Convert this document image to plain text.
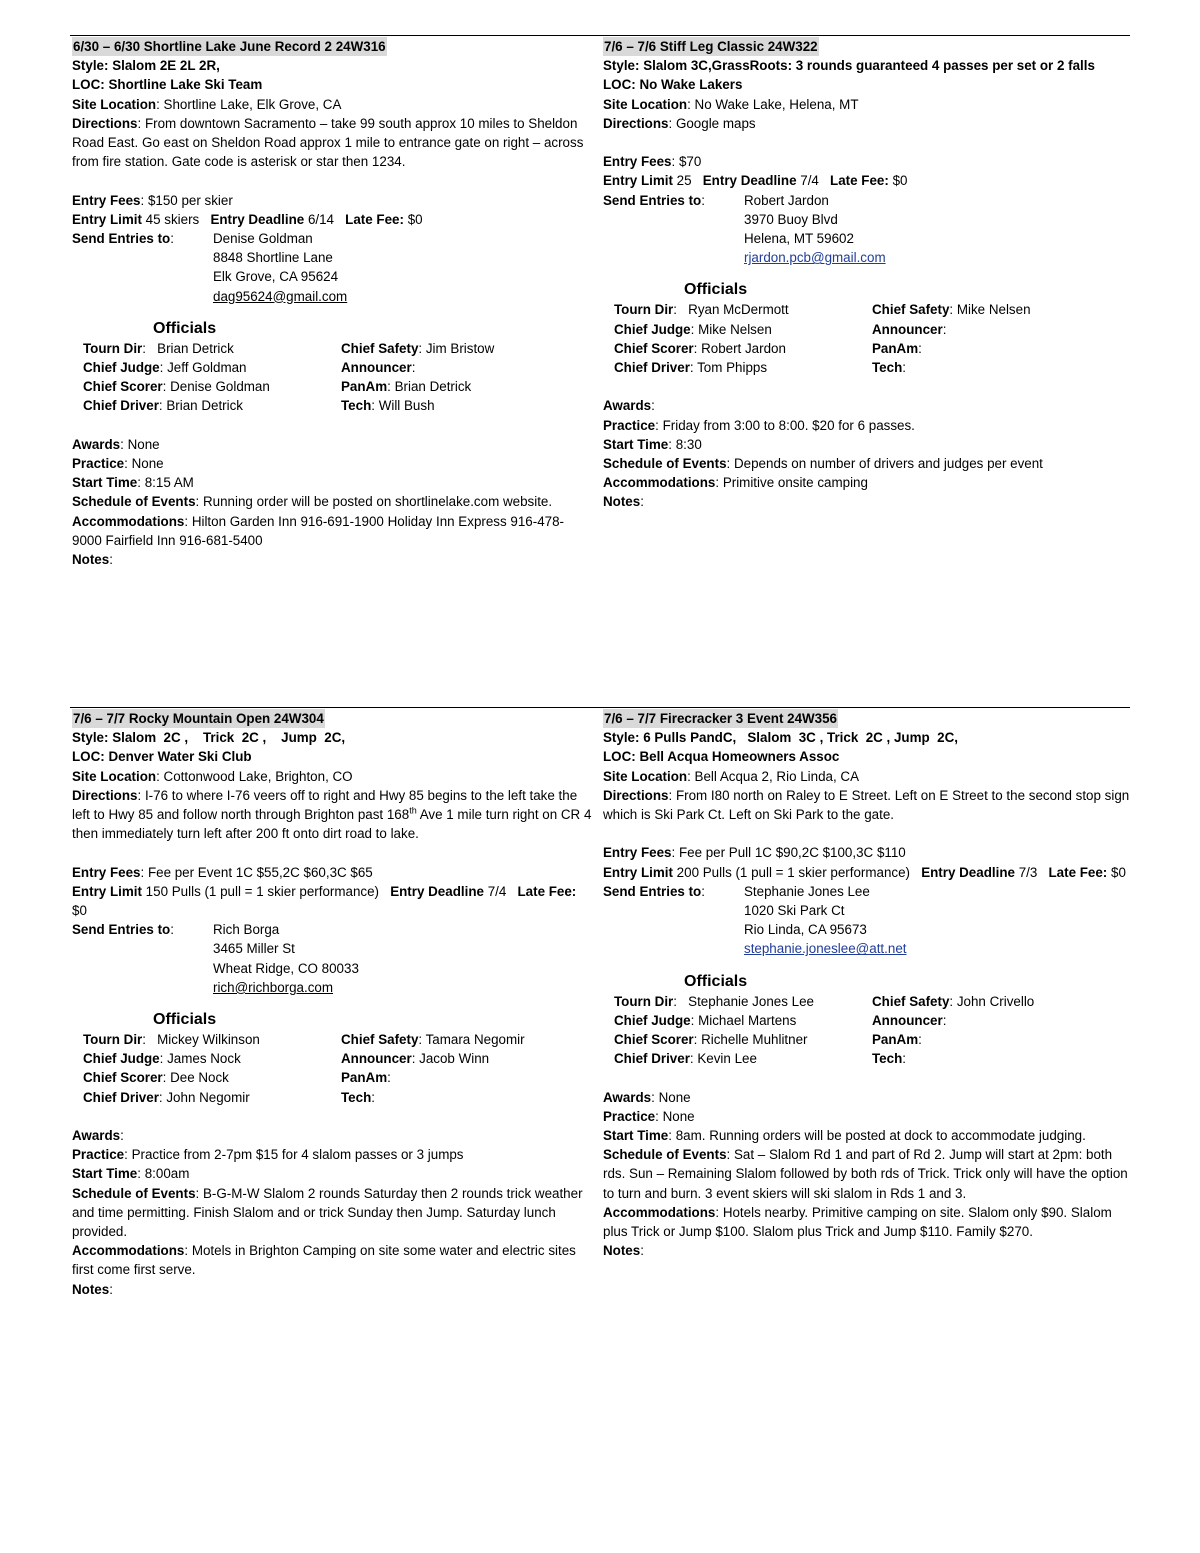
6/30 – 6/30 Shortline Lake June Record 2 24W316
Style: Slalom 2E 2L 2R,
LOC: Shortline Lake Ski Team
Site Location: Shortline Lake, Elk Grove, CA
Directions: From downtown Sacramento – take 99 south approx 10 miles to Sheldon Road East. Go east on Sheldon Road approx 1 mile to entrance gate on right – across from fire station. Gate code is asterisk or star then 1234.
Entry Fees: $150 per skier
Entry Limit 45 skiers Entry Deadline 6/14 Late Fee: $0
Send Entries to:	Denise Goldman
8848 Shortline Lane
Elk Grove, CA 95624
dag95624@gmail.com
Officials
Tourn Dir:   Brian Detrick	Chief Safety: Jim Bristow
Chief Judge: Jeff Goldman	Announcer:
Chief Scorer: Denise Goldman	PanAm: Brian Detrick
Chief Driver: Brian Detrick	Tech: Will Bush
Awards: None
Practice: None
Start Time: 8:15 AM
Schedule of Events: Running order will be posted on shortlinelake.com website.
Accommodations: Hilton Garden Inn 916-691-1900 Holiday Inn Express 916-478-9000 Fairfield Inn 916-681-5400
Notes:
7/6 – 7/6 Stiff Leg Classic 24W322
Style: Slalom 3C,GrassRoots: 3 rounds guaranteed 4 passes per set or 2 falls
LOC: No Wake Lakers
Site Location: No Wake Lake, Helena, MT
Directions: Google maps
Entry Fees: $70
Entry Limit 25 Entry Deadline 7/4 Late Fee: $0
Send Entries to:	Robert Jardon
3970 Buoy Blvd
Helena, MT 59602
rjardon.pcb@gmail.com
Officials
Tourn Dir:   Ryan McDermott	Chief Safety: Mike Nelsen
Chief Judge: Mike Nelsen	Announcer:
Chief Scorer: Robert Jardon	PanAm:
Chief Driver: Tom Phipps	Tech:
Awards:
Practice: Friday from 3:00 to 8:00. $20 for 6 passes.
Start Time: 8:30
Schedule of Events: Depends on number of drivers and judges per event
Accommodations: Primitive onsite camping
Notes:
7/6 – 7/7 Rocky Mountain Open 24W304
Style: Slalom  2C ,    Trick  2C ,    Jump  2C,
LOC: Denver Water Ski Club
Site Location: Cottonwood Lake, Brighton, CO
Directions: I-76 to where I-76 veers off to right and Hwy 85 begins to the left take the left to Hwy 85 and follow north through Brighton past 168th Ave 1 mile turn right on CR 4 then immediately turn left after 200 ft onto dirt road to lake.
Entry Fees: Fee per Event 1C $55,2C $60,3C $65
Entry Limit 150 Pulls (1 pull = 1 skier performance) Entry Deadline 7/4 Late Fee: $0
Send Entries to:	Rich Borga
3465 Miller St
Wheat Ridge, CO 80033
rich@richborga.com
Officials
Tourn Dir:   Mickey Wilkinson	Chief Safety: Tamara Negomir
Chief Judge: James Nock	Announcer: Jacob Winn
Chief Scorer: Dee Nock	PanAm:
Chief Driver: John Negomir	Tech:
Awards:
Practice: Practice from 2-7pm $15 for 4 slalom passes or 3 jumps
Start Time: 8:00am
Schedule of Events: B-G-M-W Slalom 2 rounds Saturday then 2 rounds trick weather and time permitting. Finish Slalom and or trick Sunday then Jump. Saturday lunch provided.
Accommodations: Motels in Brighton Camping on site some water and electric sites first come first serve.
Notes:
7/6 – 7/7 Firecracker 3 Event 24W356
Style: 6 Pulls PandC,   Slalom  3C , Trick  2C , Jump  2C,
LOC: Bell Acqua Homeowners Assoc
Site Location: Bell Acqua 2, Rio Linda, CA
Directions: From I80 north on Raley to E Street. Left on E Street to the second stop sign which is Ski Park Ct. Left on Ski Park to the gate.
Entry Fees: Fee per Pull 1C $90,2C $100,3C $110
Entry Limit 200 Pulls (1 pull = 1 skier performance) Entry Deadline 7/3 Late Fee: $0
Send Entries to:	Stephanie Jones Lee
1020 Ski Park Ct
Rio Linda, CA 95673
stephanie.joneslee@att.net
Officials
Tourn Dir:   Stephanie Jones Lee	Chief Safety: John Crivello
Chief Judge: Michael Martens	Announcer:
Chief Scorer: Richelle Muhlitner	PanAm:
Chief Driver: Kevin Lee	Tech:
Awards: None
Practice: None
Start Time: 8am. Running orders will be posted at dock to accommodate judging.
Schedule of Events: Sat – Slalom Rd 1 and part of Rd 2. Jump will start at 2pm: both rds. Sun – Remaining Slalom followed by both rds of Trick. Trick only will have the option to turn and burn. 3 event skiers will ski slalom in Rds 1 and 3.
Accommodations: Hotels nearby. Primitive camping on site. Slalom only $90. Slalom plus Trick or Jump $100. Slalom plus Trick and Jump $110. Family $270.
Notes:
